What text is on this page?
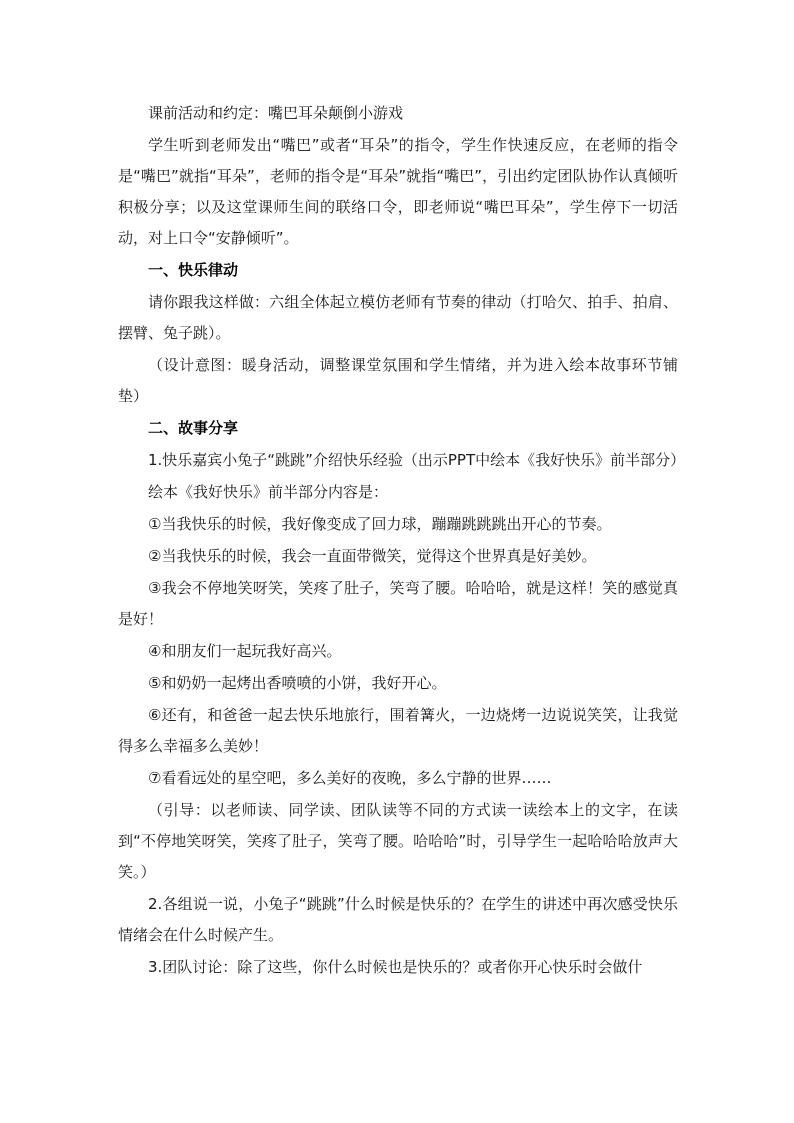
课前活动和约定：嘴巴耳朵颠倒小游戏

学生听到老师发出“嘴巴”或者“耳朵”的指令，学生作快速反应，在老师的指令是“嘴巴”就指“耳朵”，老师的指令是“耳朵”就指“嘴巴”，引出约定团队协作认真倾听积极分享；以及这堂课师生间的联络口令，即老师说“嘴巴耳朵”，学生停下一切活动，对上口令“安静倾听”。

一、快乐律动

请你跟我这样做：六组全体起立模仿老师有节奏的律动（打哈欠、拍手、拍肩、摆臂、兔子跳）。

（设计意图：暖身活动，调整课堂氛围和学生情绪，并为进入绘本故事环节铺垫）

二、故事分享

1.快乐嘉宾小兔子“跳跳”介绍快乐经验（出示PPT中绘本《我好快乐》前半部分）

绘本《我好快乐》前半部分内容是：

①当我快乐的时候，我好像变成了回力球，蹦蹦跳跳跳出开心的节奏。

②当我快乐的时候，我会一直面带微笑，觉得这个世界真是好美妙。

③我会不停地笑呀笑，笑疼了肚子，笑弯了腰。哈哈哈，就是这样！笑的感觉真是好！

④和朋友们一起玩我好高兴。

⑤和奶奶一起烤出香喷喷的小饼，我好开心。

⑥还有，和爸爸一起去快乐地旅行，围着篝火，一边烧烤一边说说笑笑，让我觉得多么幸福多么美妙！

⑦看看远处的星空吧，多么美好的夜晚，多么宁静的世界……

（引导：以老师读、同学读、团队读等不同的方式读一读绘本上的文字，在读到“不停地笑呀笑，笑疼了肚子，笑弯了腰。哈哈哈”时，引导学生一起哈哈哈放声大笑。）

2.各组说一说，小兔子“跳跳”什么时候是快乐的？在学生的讲述中再次感受快乐情绪会在什么时候产生。

3.团队讨论：除了这些，你什么时候也是快乐的？或者你开心快乐时会做什
